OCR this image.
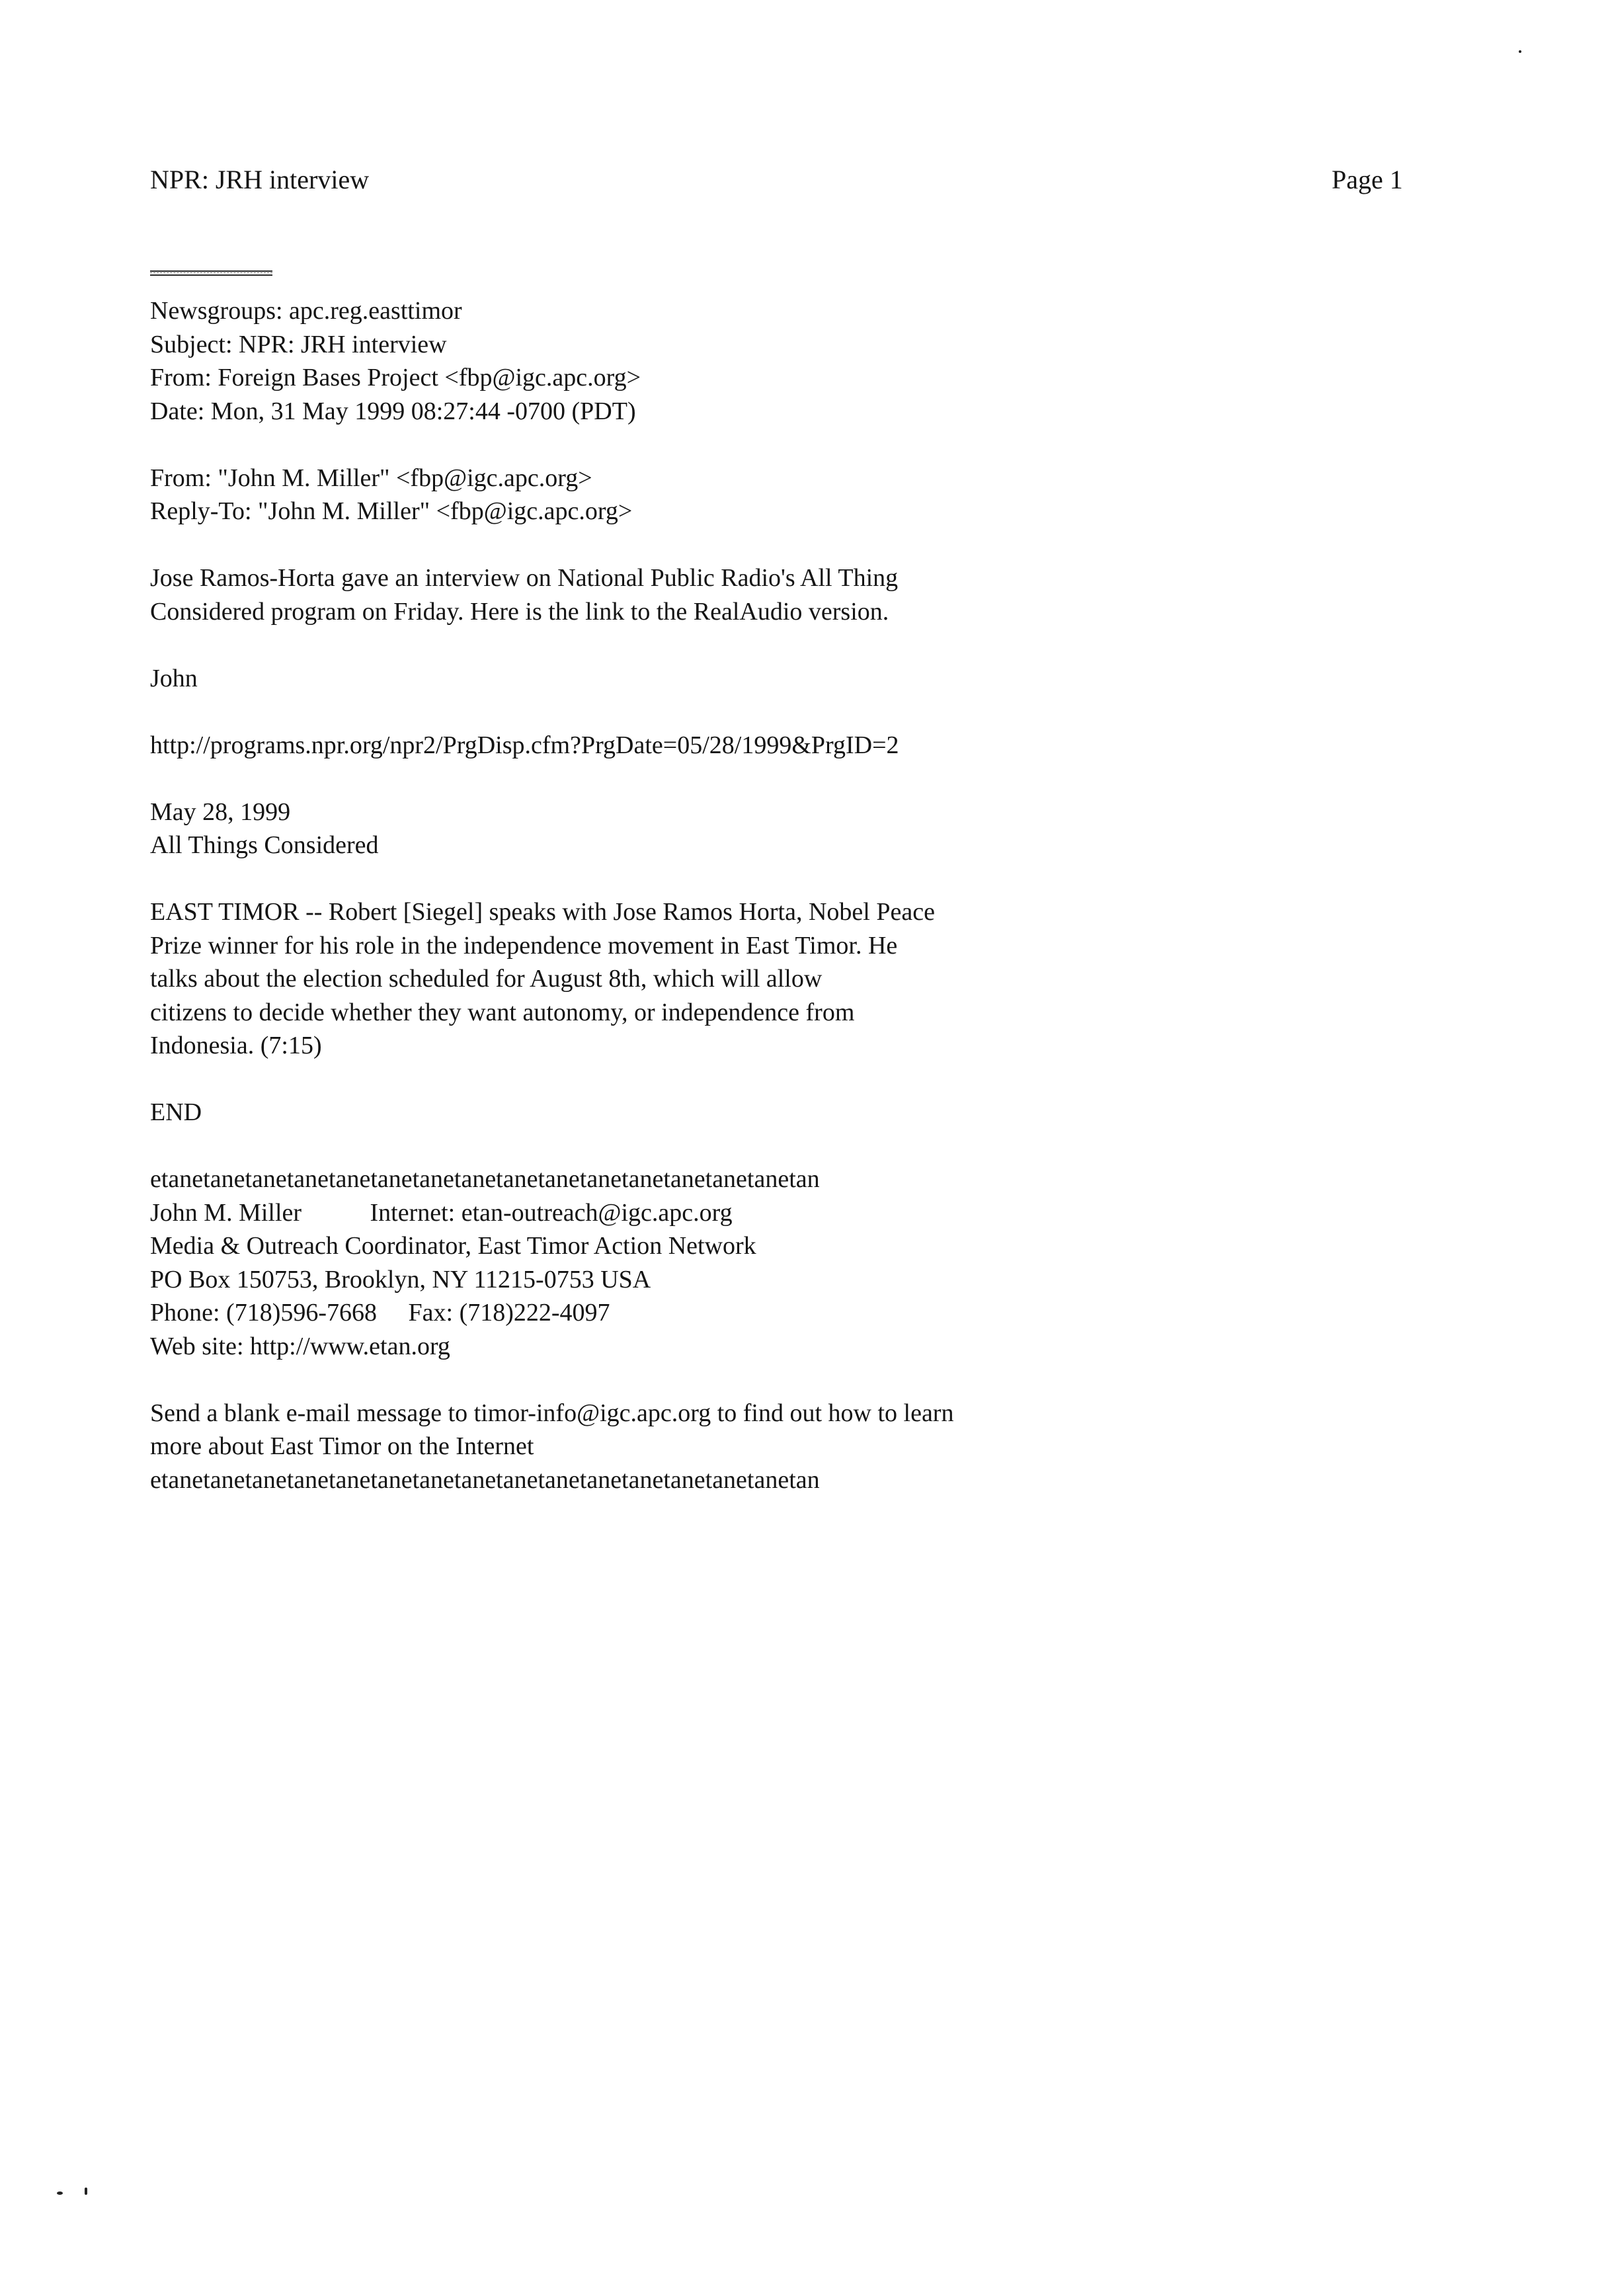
NPR: JRH interview	Page 1
Newsgroups: apc.reg.easttimor
Subject: NPR: JRH interview
From: Foreign Bases Project <fbp@igc.apc.org>
Date: Mon, 31 May 1999 08:27:44 -0700 (PDT)
From: "John M. Miller" <fbp@igc.apc.org>
Reply-To: "John M. Miller" <fbp@igc.apc.org>
Jose Ramos-Horta gave an interview on National Public Radio's All Thing
Considered program on Friday. Here is the link to the RealAudio version.
John
http://programs.npr.org/npr2/PrgDisp.cfm?PrgDate=05/28/1999&PrgID=2
May 28, 1999
All Things Considered
EAST TIMOR -- Robert [Siegel] speaks with Jose Ramos Horta, Nobel Peace
Prize winner for his role in the independence movement in East Timor. He
talks about the election scheduled for August 8th, which will allow
citizens to decide whether they want autonomy, or independence from
Indonesia. (7:15)
END
etanetanetanetanetanetanetanetanetanetanetanetanetanetanetanetan
John M. Miller	Internet: etan-outreach@igc.apc.org
Media & Outreach Coordinator, East Timor Action Network
PO Box 150753, Brooklyn, NY 11215-0753 USA
Phone: (718)596-7668     Fax: (718)222-4097
Web site: http://www.etan.org
Send a blank e-mail message to timor-info@igc.apc.org to find out how to learn
more about East Timor on the Internet
etanetanetanetanetanetanetanetanetanetanetanetanetanetanetanetan
